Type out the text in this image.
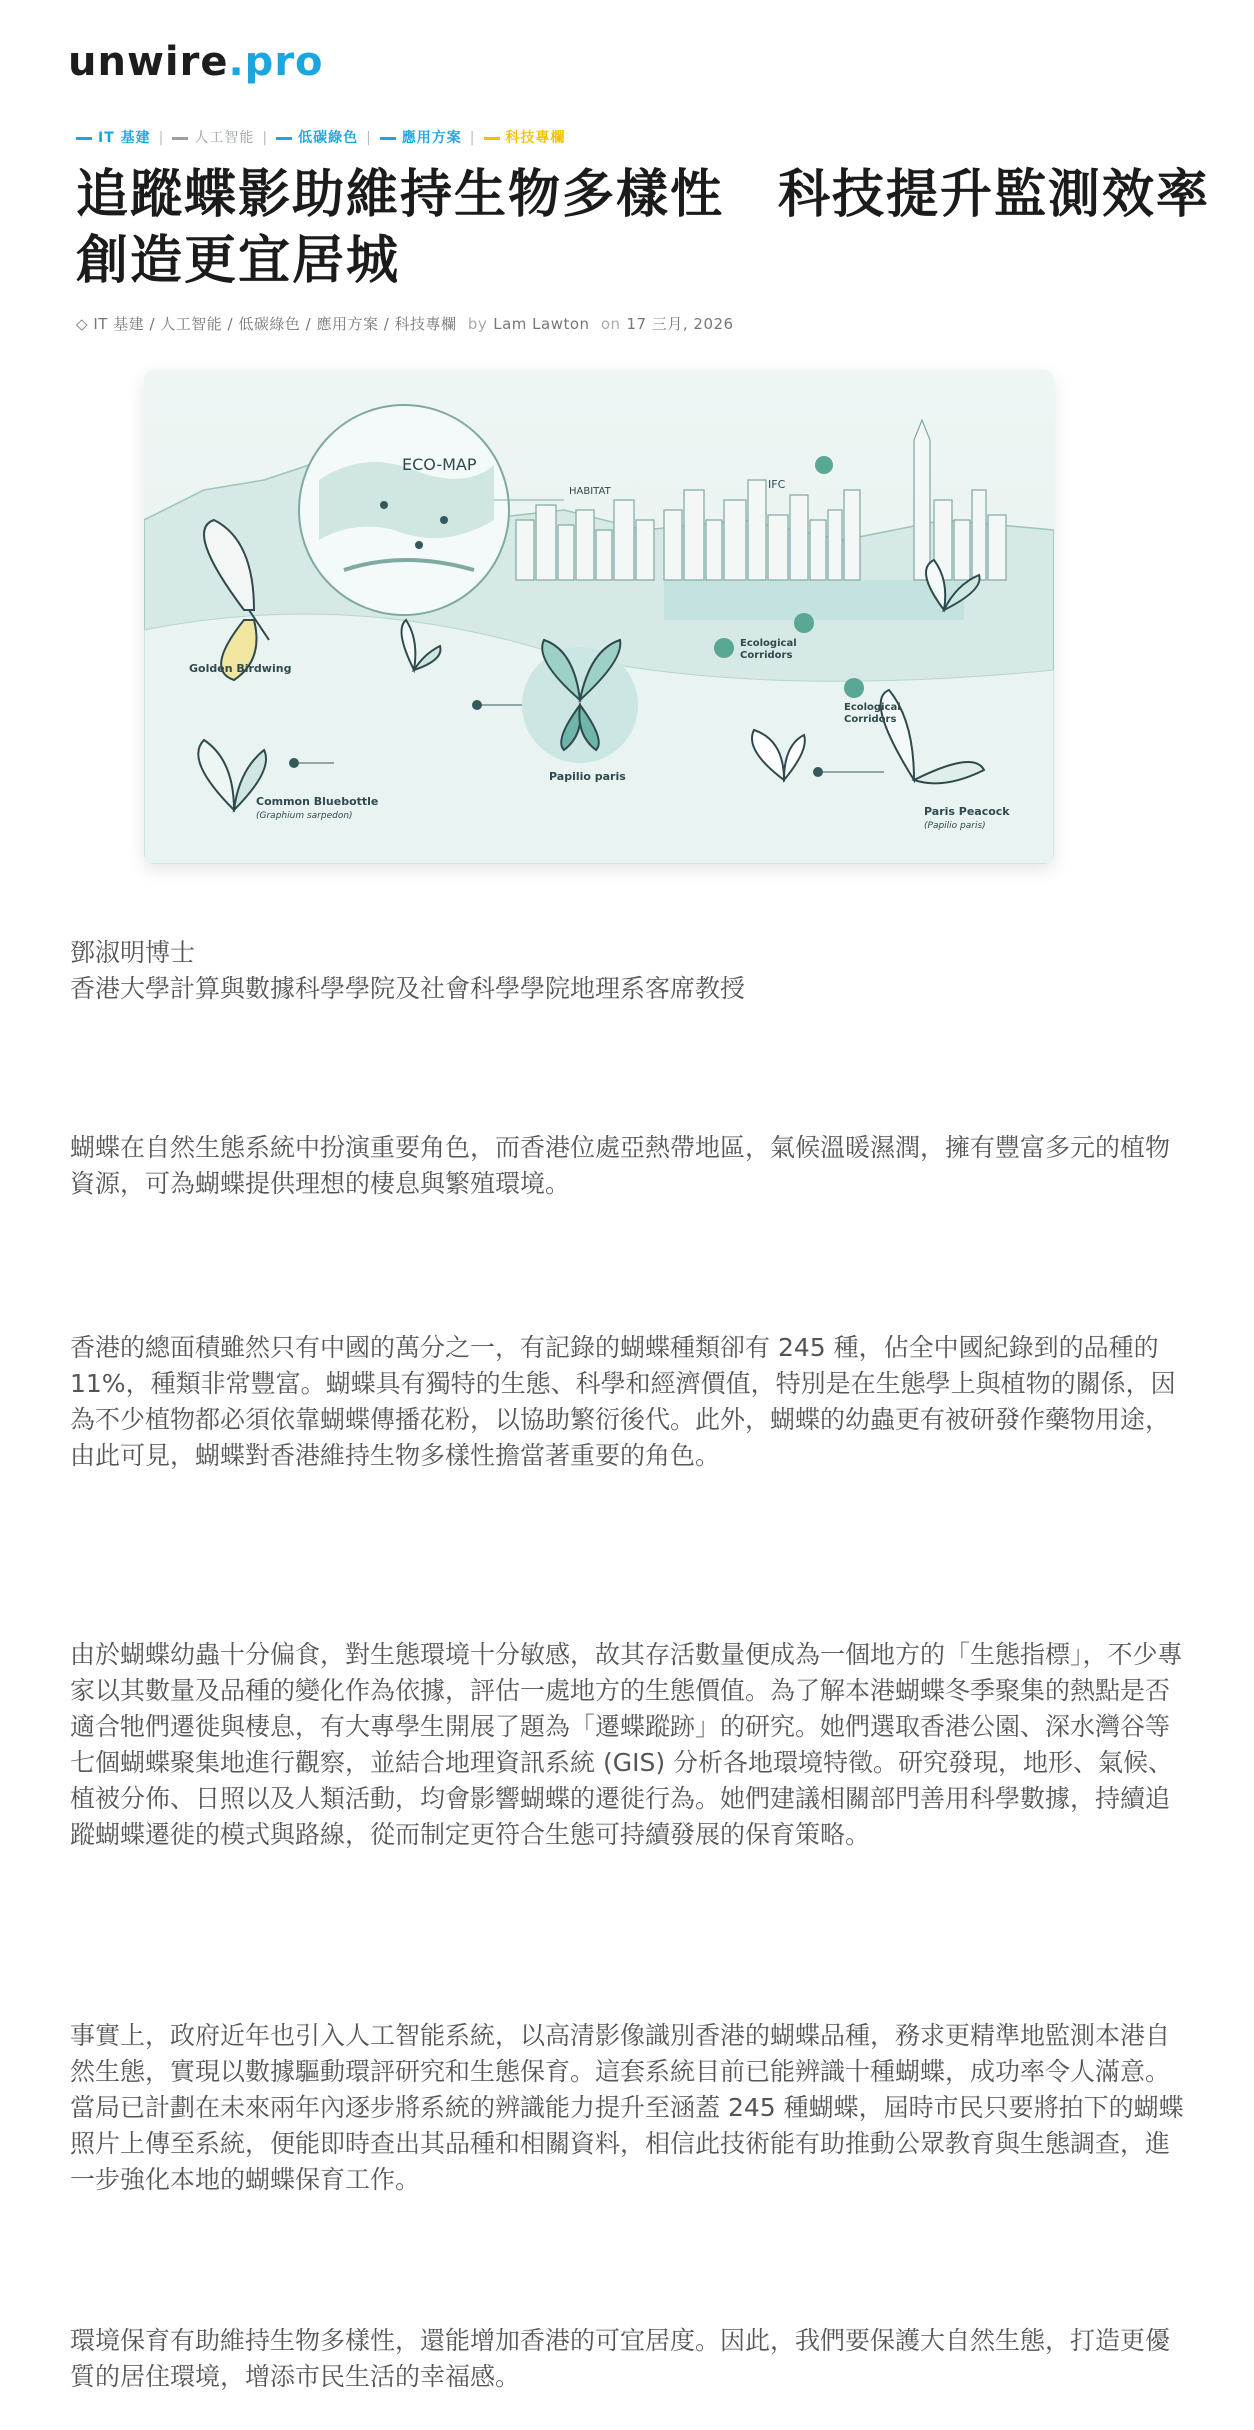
unwire.pro
IT 基建 | 人工智能 | 低碳綠色 | 應用方案 | 科技專欄
追蹤蝶影助維持生物多樣性　科技提升監測效率 創造更宜居城
◇ IT 基建 / 人工智能 / 低碳綠色 / 應用方案 / 科技專欄 by Lam Lawton on 17 三月, 2026
ECO-MAP
HABITAT
IFC
Ecological
Corridors
Ecological
Corridors
Golden Birdwing
Papilio paris
Common Bluebottle
(Graphium sarpedon)	Paris Peacock
(Papilio paris)
鄧淑明博士
香港大學計算與數據科學學院及社會科學學院地理系客席教授

蝴蝶在自然生態系統中扮演重要角色，而香港位處亞熱帶地區，氣候溫暖濕潤，擁有豐富多元的植物資源，可為蝴蝶提供理想的棲息與繁殖環境。

香港的總面積雖然只有中國的萬分之一，有記錄的蝴蝶種類卻有 245 種，佔全中國紀錄到的品種的 11%，種類非常豐富。蝴蝶具有獨特的生態、科學和經濟價值，特別是在生態學上與植物的關係，因為不少植物都必須依靠蝴蝶傳播花粉，以協助繁衍後代。此外，蝴蝶的幼蟲更有被研發作藥物用途，由此可見，蝴蝶對香港維持生物多樣性擔當著重要的角色。

由於蝴蝶幼蟲十分偏食，對生態環境十分敏感，故其存活數量便成為一個地方的「生態指標」，不少專家以其數量及品種的變化作為依據，評估一處地方的生態價值。為了解本港蝴蝶冬季聚集的熱點是否適合牠們遷徙與棲息，有大專學生開展了題為「遷蝶蹤跡」的研究。她們選取香港公園、深水灣谷等七個蝴蝶聚集地進行觀察，並結合地理資訊系統 (GIS) 分析各地環境特徵。研究發現，地形、氣候、植被分佈、日照以及人類活動，均會影響蝴蝶的遷徙行為。她們建議相關部門善用科學數據，持續追蹤蝴蝶遷徙的模式與路線，從而制定更符合生態可持續發展的保育策略。

事實上，政府近年也引入人工智能系統，以高清影像識別香港的蝴蝶品種，務求更精準地監測本港自然生態，實現以數據驅動環評研究和生態保育。這套系統目前已能辨識十種蝴蝶，成功率令人滿意。當局已計劃在未來兩年內逐步將系統的辨識能力提升至涵蓋 245 種蝴蝶，屆時市民只要將拍下的蝴蝶照片上傳至系統，便能即時查出其品種和相關資料，相信此技術能有助推動公眾教育與生態調查，進一步強化本地的蝴蝶保育工作。

環境保育有助維持生物多樣性，還能增加香港的可宜居度。因此，我們要保護大自然生態，打造更優質的居住環境，增添市民生活的幸福感。
